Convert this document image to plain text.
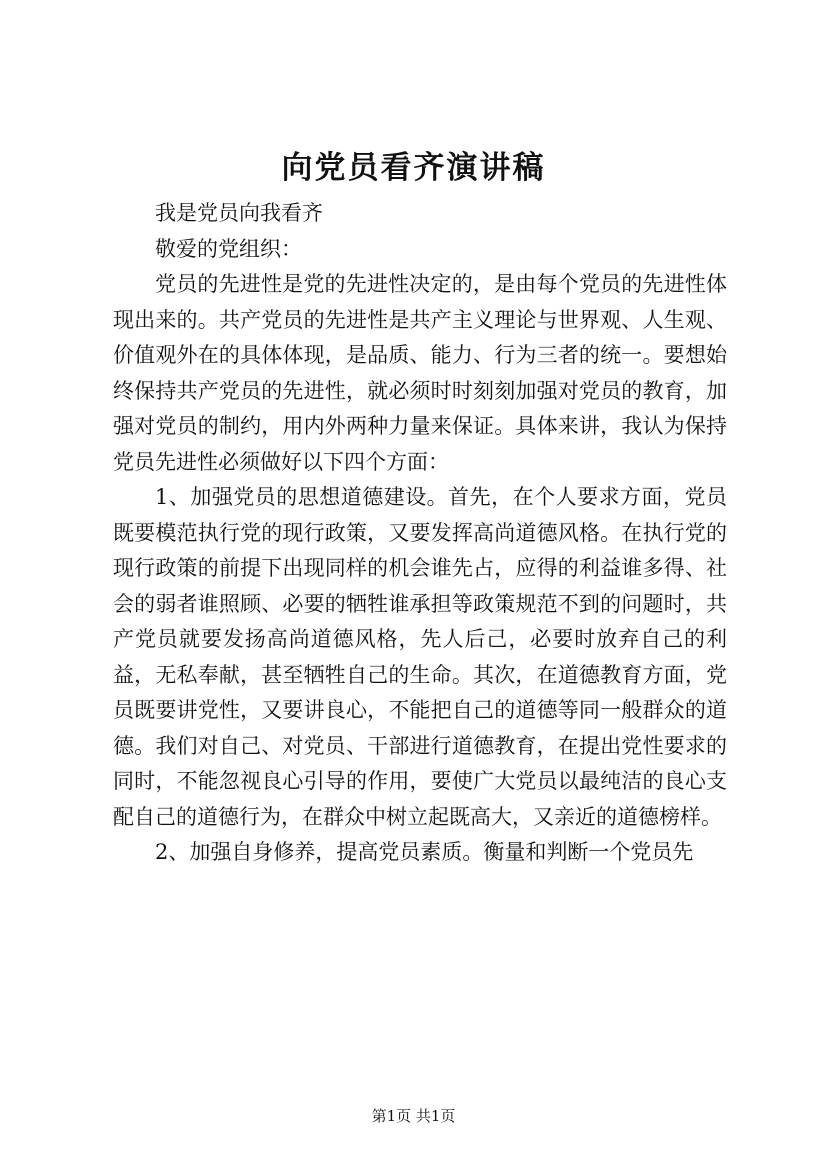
向党员看齐演讲稿

我是党员向我看齐

敬爱的党组织：

党员的先进性是党的先进性决定的，是由每个党员的先进性体现出来的。共产党员的先进性是共产主义理论与世界观、人生观、价值观外在的具体体现，是品质、能力、行为三者的统一。要想始终保持共产党员的先进性，就必须时时刻刻加强对党员的教育，加强对党员的制约，用内外两种力量来保证。具体来讲，我认为保持党员先进性必须做好以下四个方面：

1、加强党员的思想道德建设。首先，在个人要求方面，党员既要模范执行党的现行政策，又要发挥高尚道德风格。在执行党的现行政策的前提下出现同样的机会谁先占，应得的利益谁多得、社会的弱者谁照顾、必要的牺牲谁承担等政策规范不到的问题时，共产党员就要发扬高尚道德风格，先人后己，必要时放弃自己的利益，无私奉献，甚至牺牲自己的生命。其次，在道德教育方面，党员既要讲党性，又要讲良心，不能把自己的道德等同一般群众的道德。我们对自己、对党员、干部进行道德教育，在提出党性要求的同时，不能忽视良心引导的作用，要使广大党员以最纯洁的良心支配自己的道德行为，在群众中树立起既高大，又亲近的道德榜样。

2、加强自身修养，提高党员素质。衡量和判断一个党员先

第1页 共1页
